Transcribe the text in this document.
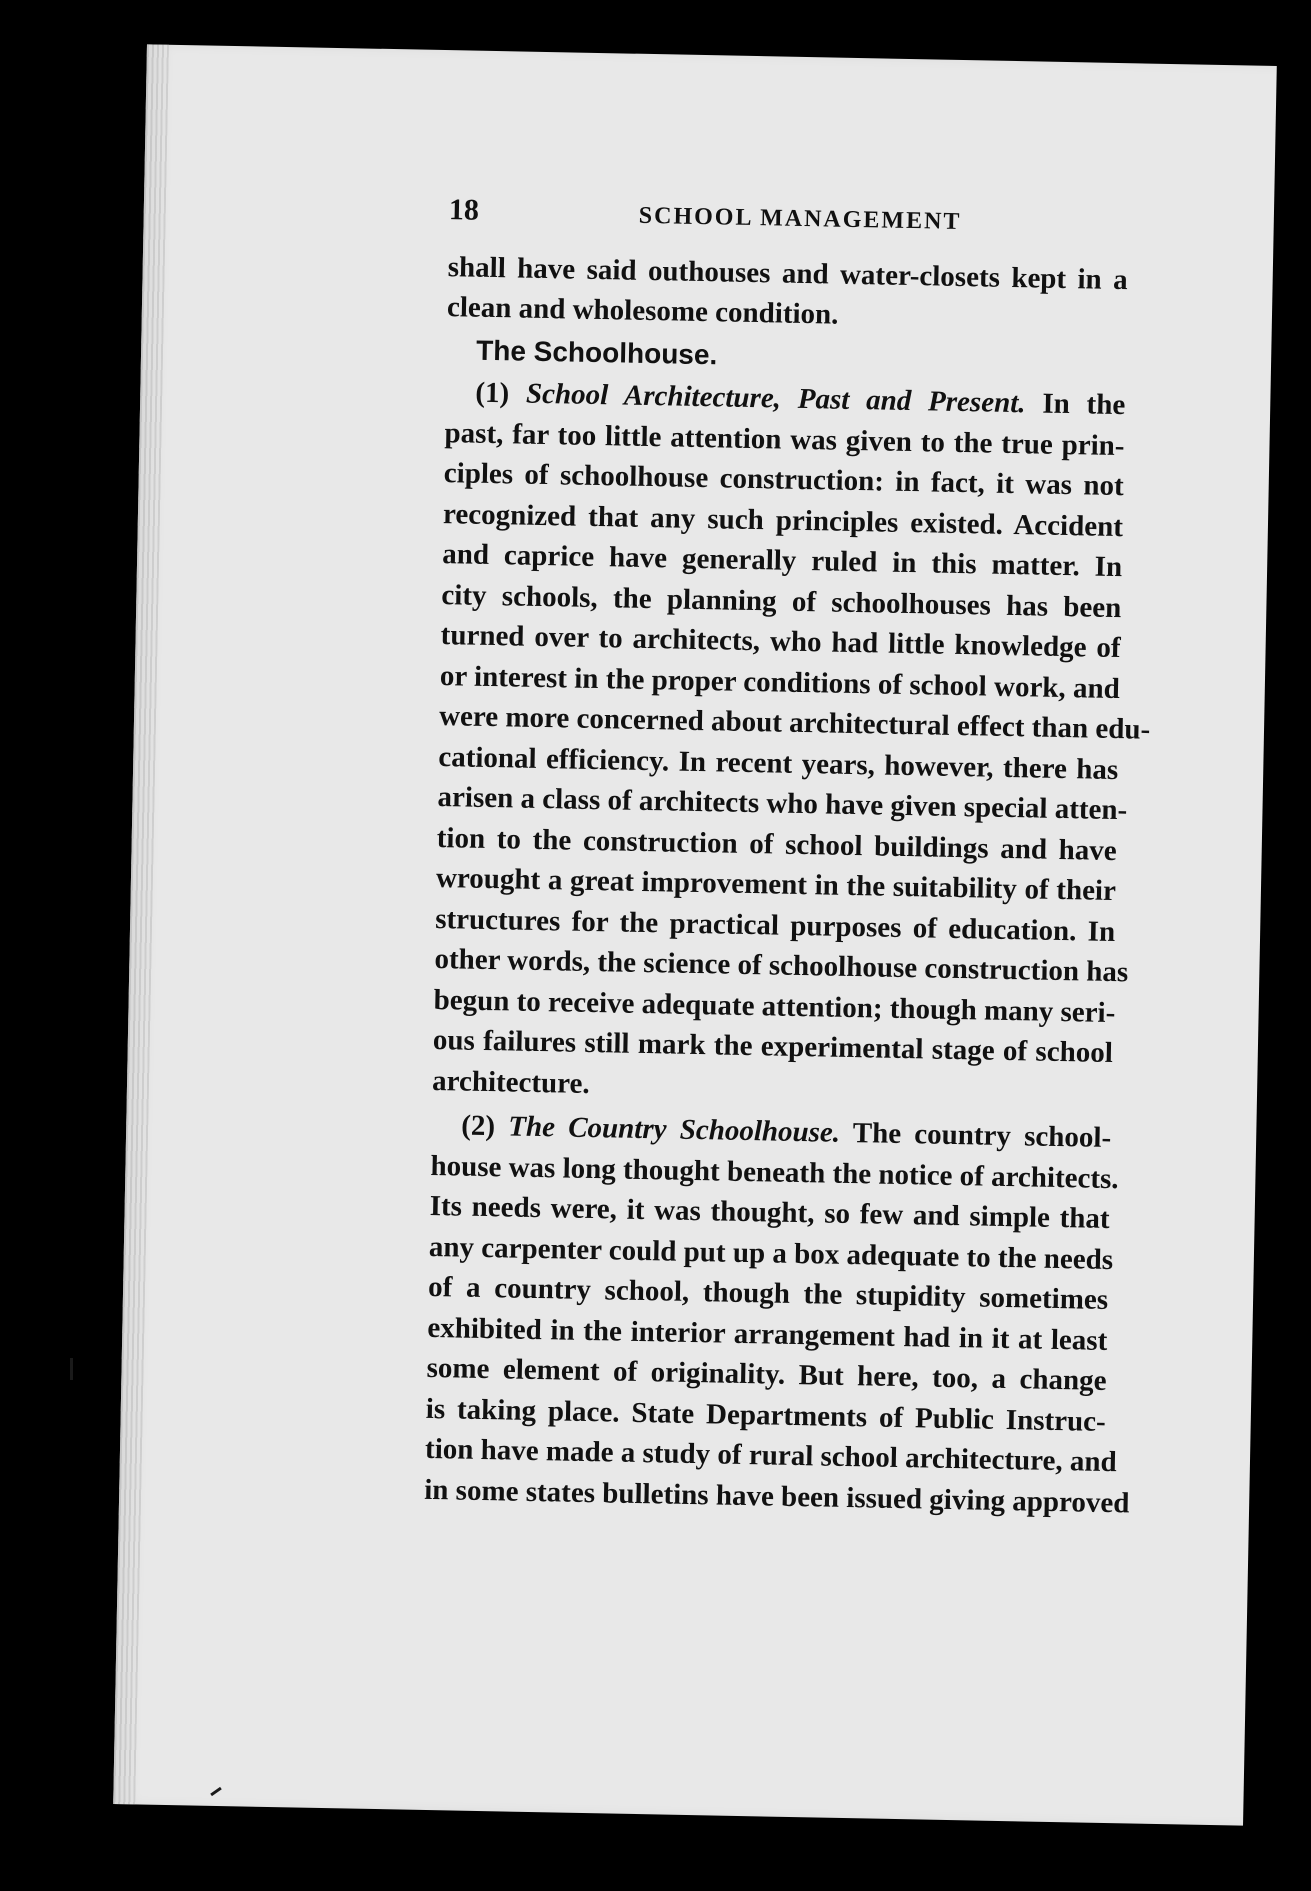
18	SCHOOL MANAGEMENT
shall have said outhouses and water-closets kept in a
clean and wholesome condition.
The Schoolhouse.
(1) School Architecture, Past and Present. In the
past, far too little attention was given to the true prin-
ciples of schoolhouse construction: in fact, it was not
recognized that any such principles existed. Accident
and caprice have generally ruled in this matter. In
city schools, the planning of schoolhouses has been
turned over to architects, who had little knowledge of
or interest in the proper conditions of school work, and
were more concerned about architectural effect than edu-
cational efficiency. In recent years, however, there has
arisen a class of architects who have given special atten-
tion to the construction of school buildings and have
wrought a great improvement in the suitability of their
structures for the practical purposes of education. In
other words, the science of schoolhouse construction has
begun to receive adequate attention; though many seri-
ous failures still mark the experimental stage of school
architecture.
(2) The Country Schoolhouse. The country school-
house was long thought beneath the notice of architects.
Its needs were, it was thought, so few and simple that
any carpenter could put up a box adequate to the needs
of a country school, though the stupidity sometimes
exhibited in the interior arrangement had in it at least
some element of originality. But here, too, a change
is taking place. State Departments of Public Instruc-
tion have made a study of rural school architecture, and
in some states bulletins have been issued giving approved
